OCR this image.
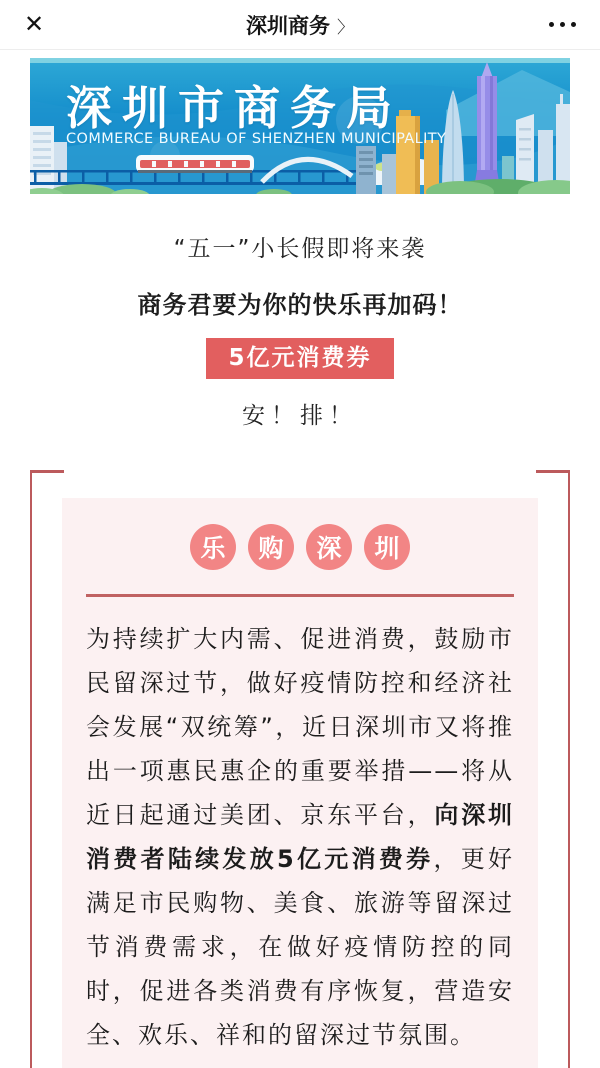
✕	深圳商务 〉
深圳市商务局
COMMERCE BUREAU OF SHENZHEN MUNICIPALITY

“五一”小长假即将来袭

商务君要为你的快乐再加码！

5亿元消费券

安！排！

乐	购	深	圳

为持续扩大内需、促进消费，鼓励市民留深过节，做好疫情防控和经济社会发展“双统筹”，近日深圳市又将推出一项惠民惠企的重要举措——将从近日起通过美团、京东平台，向深圳消费者陆续发放5亿元消费券，更好满足市民购物、美食、旅游等留深过节消费需求，在做好疫情防控的同时，促进各类消费有序恢复，营造安全、欢乐、祥和的留深过节氛围。
